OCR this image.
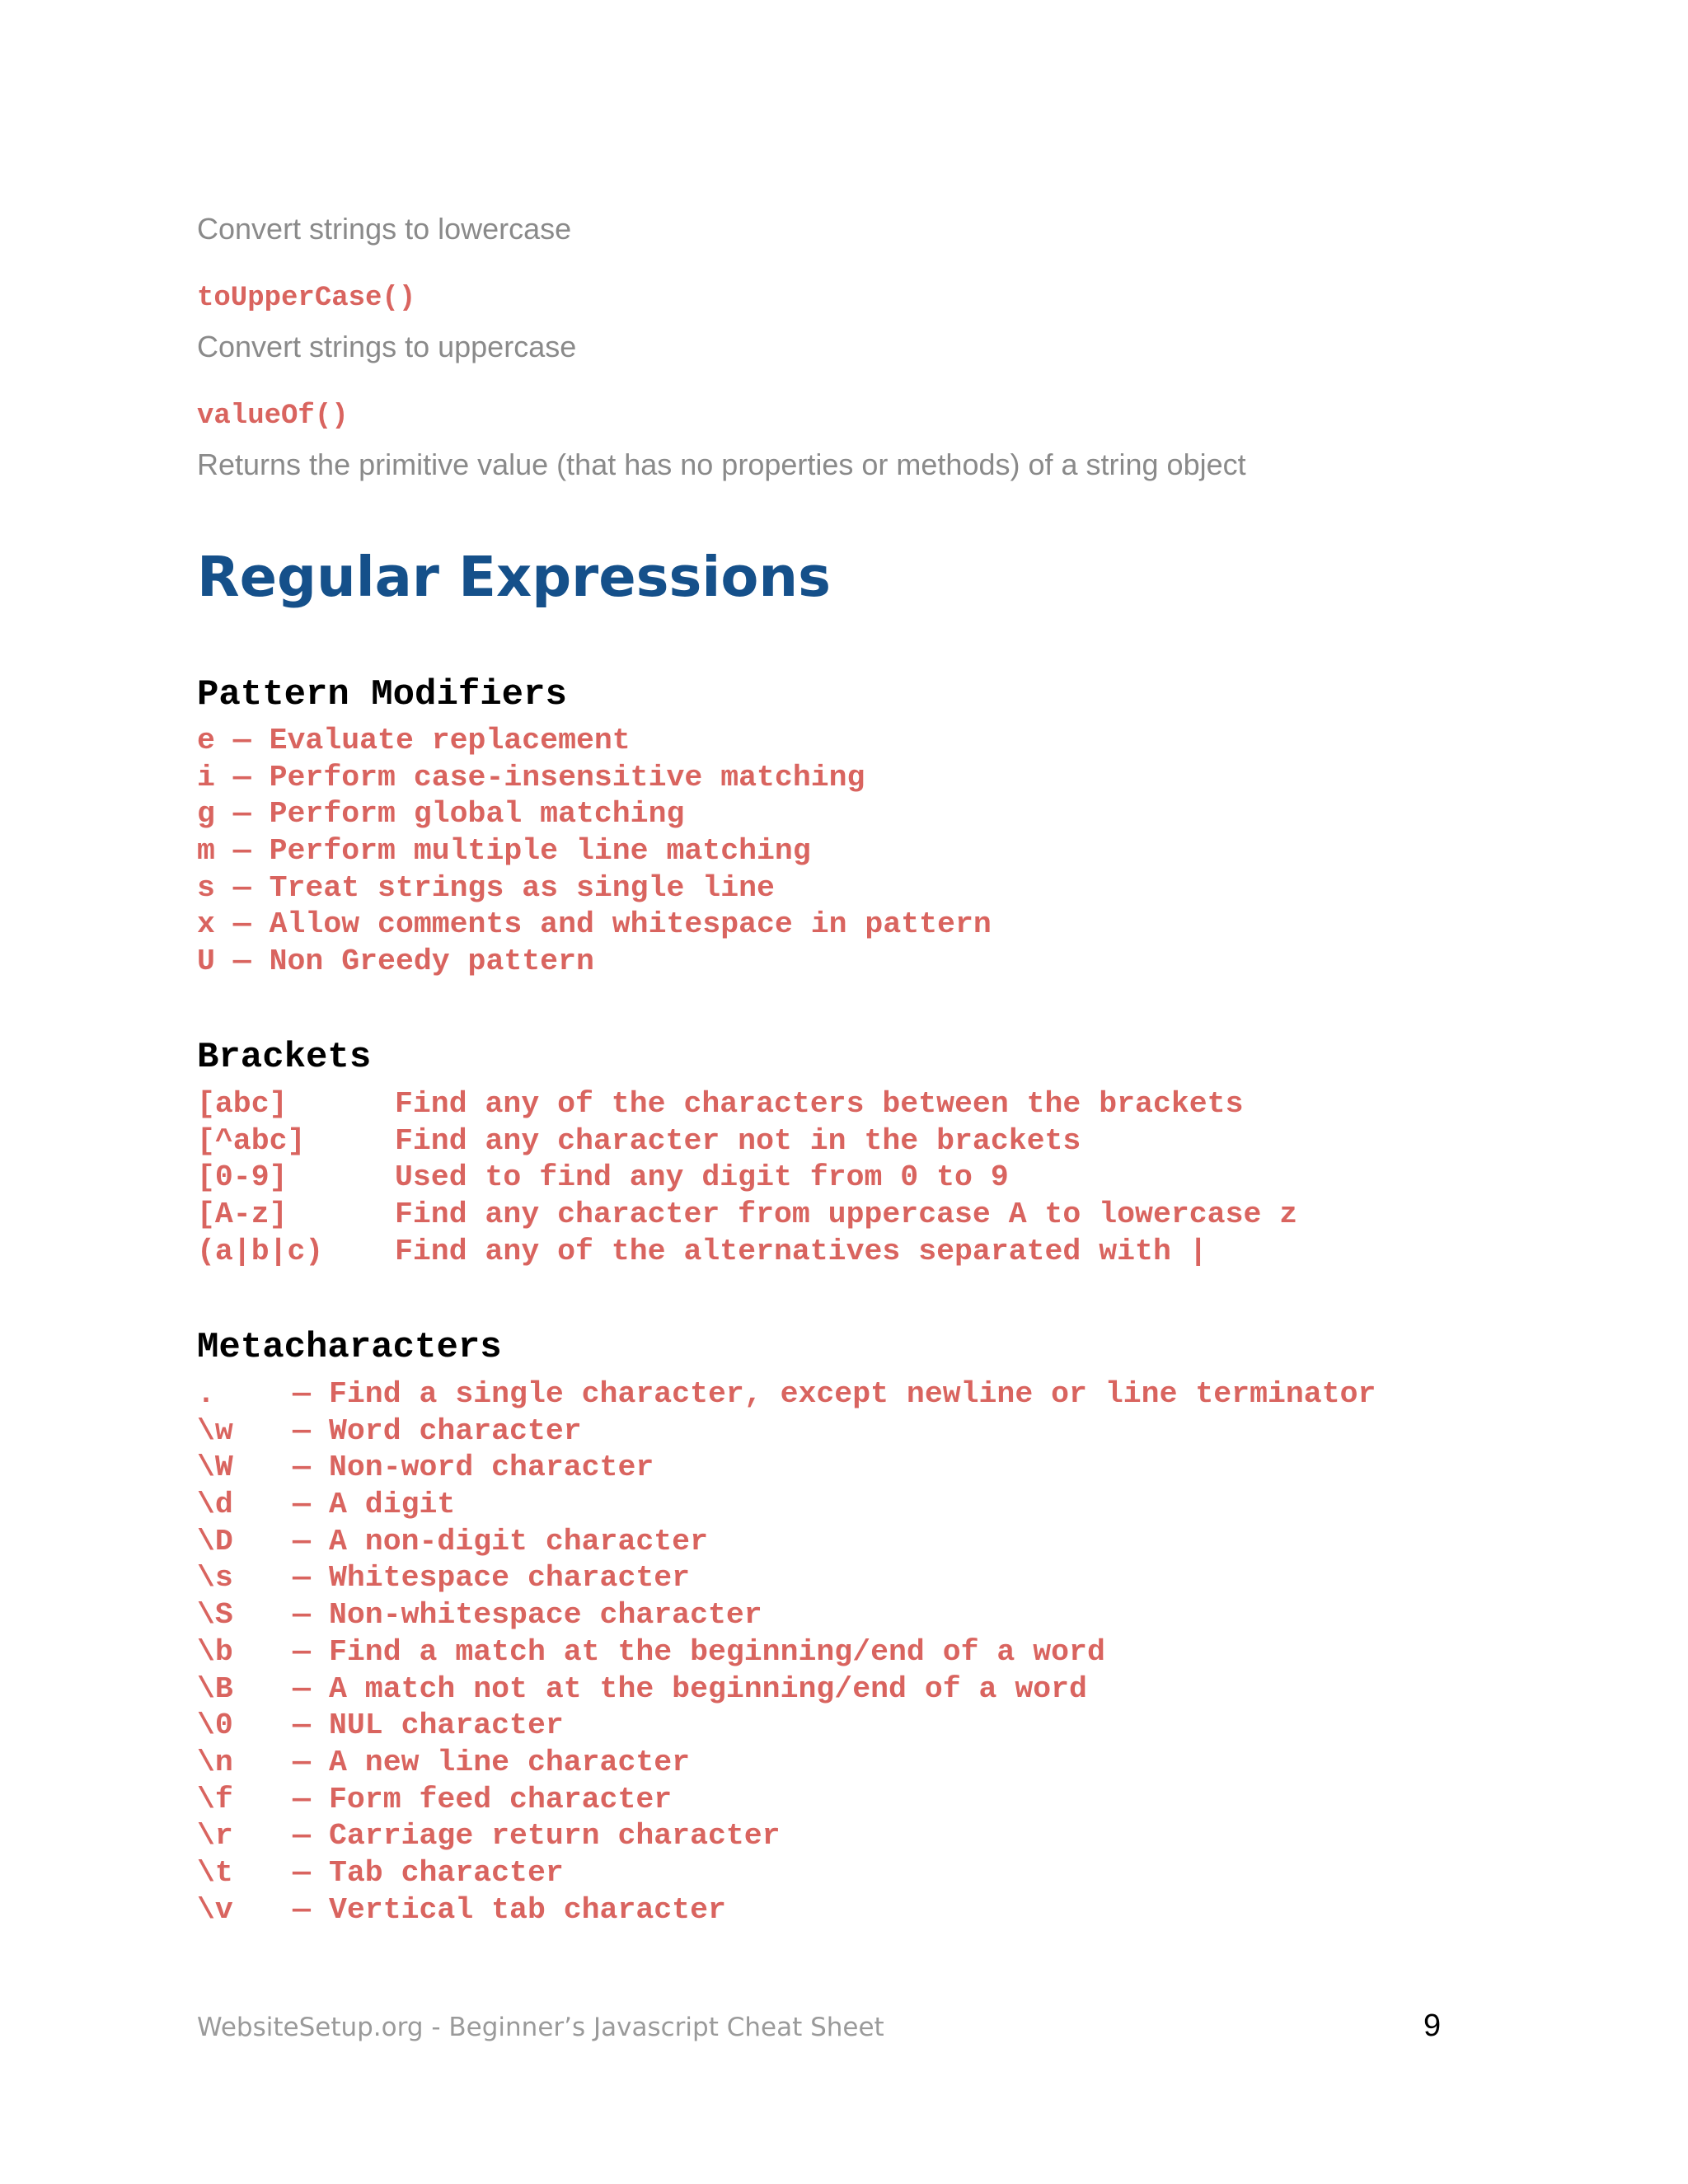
Convert strings to lowercase
toUpperCase()
Convert strings to uppercase
valueOf()
Returns the primitive value (that has no properties or methods) of a string object
Regular Expressions
Pattern Modifiers
e — Evaluate replacement
i — Perform case-insensitive matching
g — Perform global matching
m — Perform multiple line matching
s — Treat strings as single line
x — Allow comments and whitespace in pattern
U — Non Greedy pattern
Brackets
[abc]	Find any of the characters between the brackets
[^abc]	Find any character not in the brackets
[0-9]	Used to find any digit from 0 to 9
[A-z]	Find any character from uppercase A to lowercase z
(a|b|c) Find any of the alternatives separated with |
Metacharacters
.	— Find a single character, except newline or line terminator
\w — Word character
\W — Non-word character
\d — A digit
\D — A non-digit character
\s — Whitespace character
\S — Non-whitespace character
\b — Find a match at the beginning/end of a word
\B — A match not at the beginning/end of a word
\0 — NUL character
\n — A new line character
\f — Form feed character
\r — Carriage return character
\t — Tab character
\v — Vertical tab character
WebsiteSetup.org - Beginner’s Javascript Cheat Sheet	9
